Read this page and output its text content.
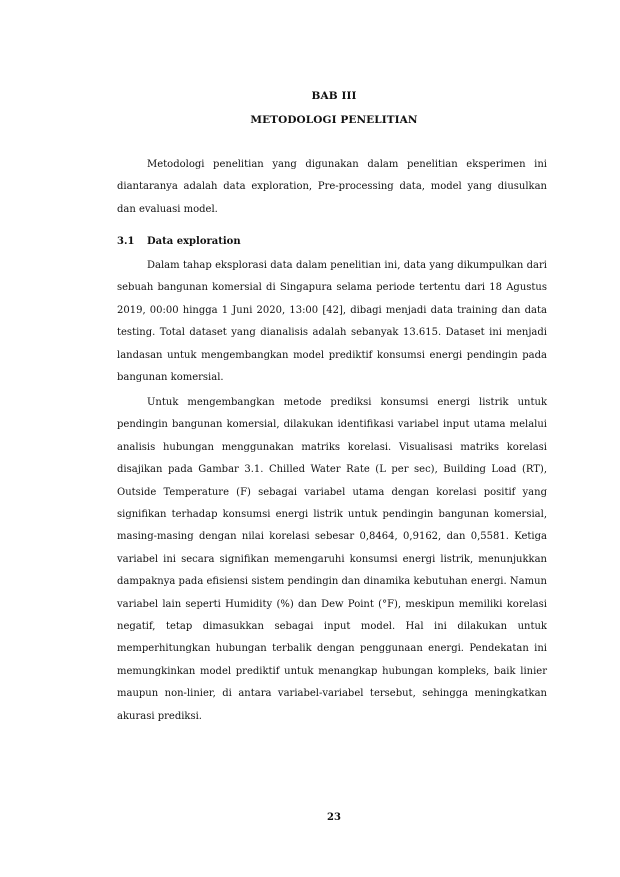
BAB III
METODOLOGI PENELITIAN

Metodologi penelitian yang digunakan dalam penelitian eksperimen ini diantaranya adalah data exploration, Pre-processing data, model yang diusulkan dan evaluasi model.

3.1 Data exploration

Dalam tahap eksplorasi data dalam penelitian ini, data yang dikumpulkan dari sebuah bangunan komersial di Singapura selama periode tertentu dari 18 Agustus 2019, 00:00 hingga 1 Juni 2020, 13:00 [42], dibagi menjadi data training dan data testing. Total dataset yang dianalisis adalah sebanyak 13.615. Dataset ini menjadi landasan untuk mengembangkan model prediktif konsumsi energi pendingin pada bangunan komersial.

Untuk mengembangkan metode prediksi konsumsi energi listrik untuk pendingin bangunan komersial, dilakukan identifikasi variabel input utama melalui analisis hubungan menggunakan matriks korelasi. Visualisasi matriks korelasi disajikan pada Gambar 3.1. Chilled Water Rate (L per sec), Building Load (RT), Outside Temperature (F) sebagai variabel utama dengan korelasi positif yang signifikan terhadap konsumsi energi listrik untuk pendingin bangunan komersial, masing-masing dengan nilai korelasi sebesar 0,8464, 0,9162, dan 0,5581. Ketiga variabel ini secara signifikan memengaruhi konsumsi energi listrik, menunjukkan dampaknya pada efisiensi sistem pendingin dan dinamika kebutuhan energi. Namun variabel lain seperti Humidity (%) dan Dew Point (°F), meskipun memiliki korelasi negatif, tetap dimasukkan sebagai input model. Hal ini dilakukan untuk memperhitungkan hubungan terbalik dengan penggunaan energi. Pendekatan ini memungkinkan model prediktif untuk menangkap hubungan kompleks, baik linier maupun non-linier, di antara variabel-variabel tersebut, sehingga meningkatkan akurasi prediksi.

23
